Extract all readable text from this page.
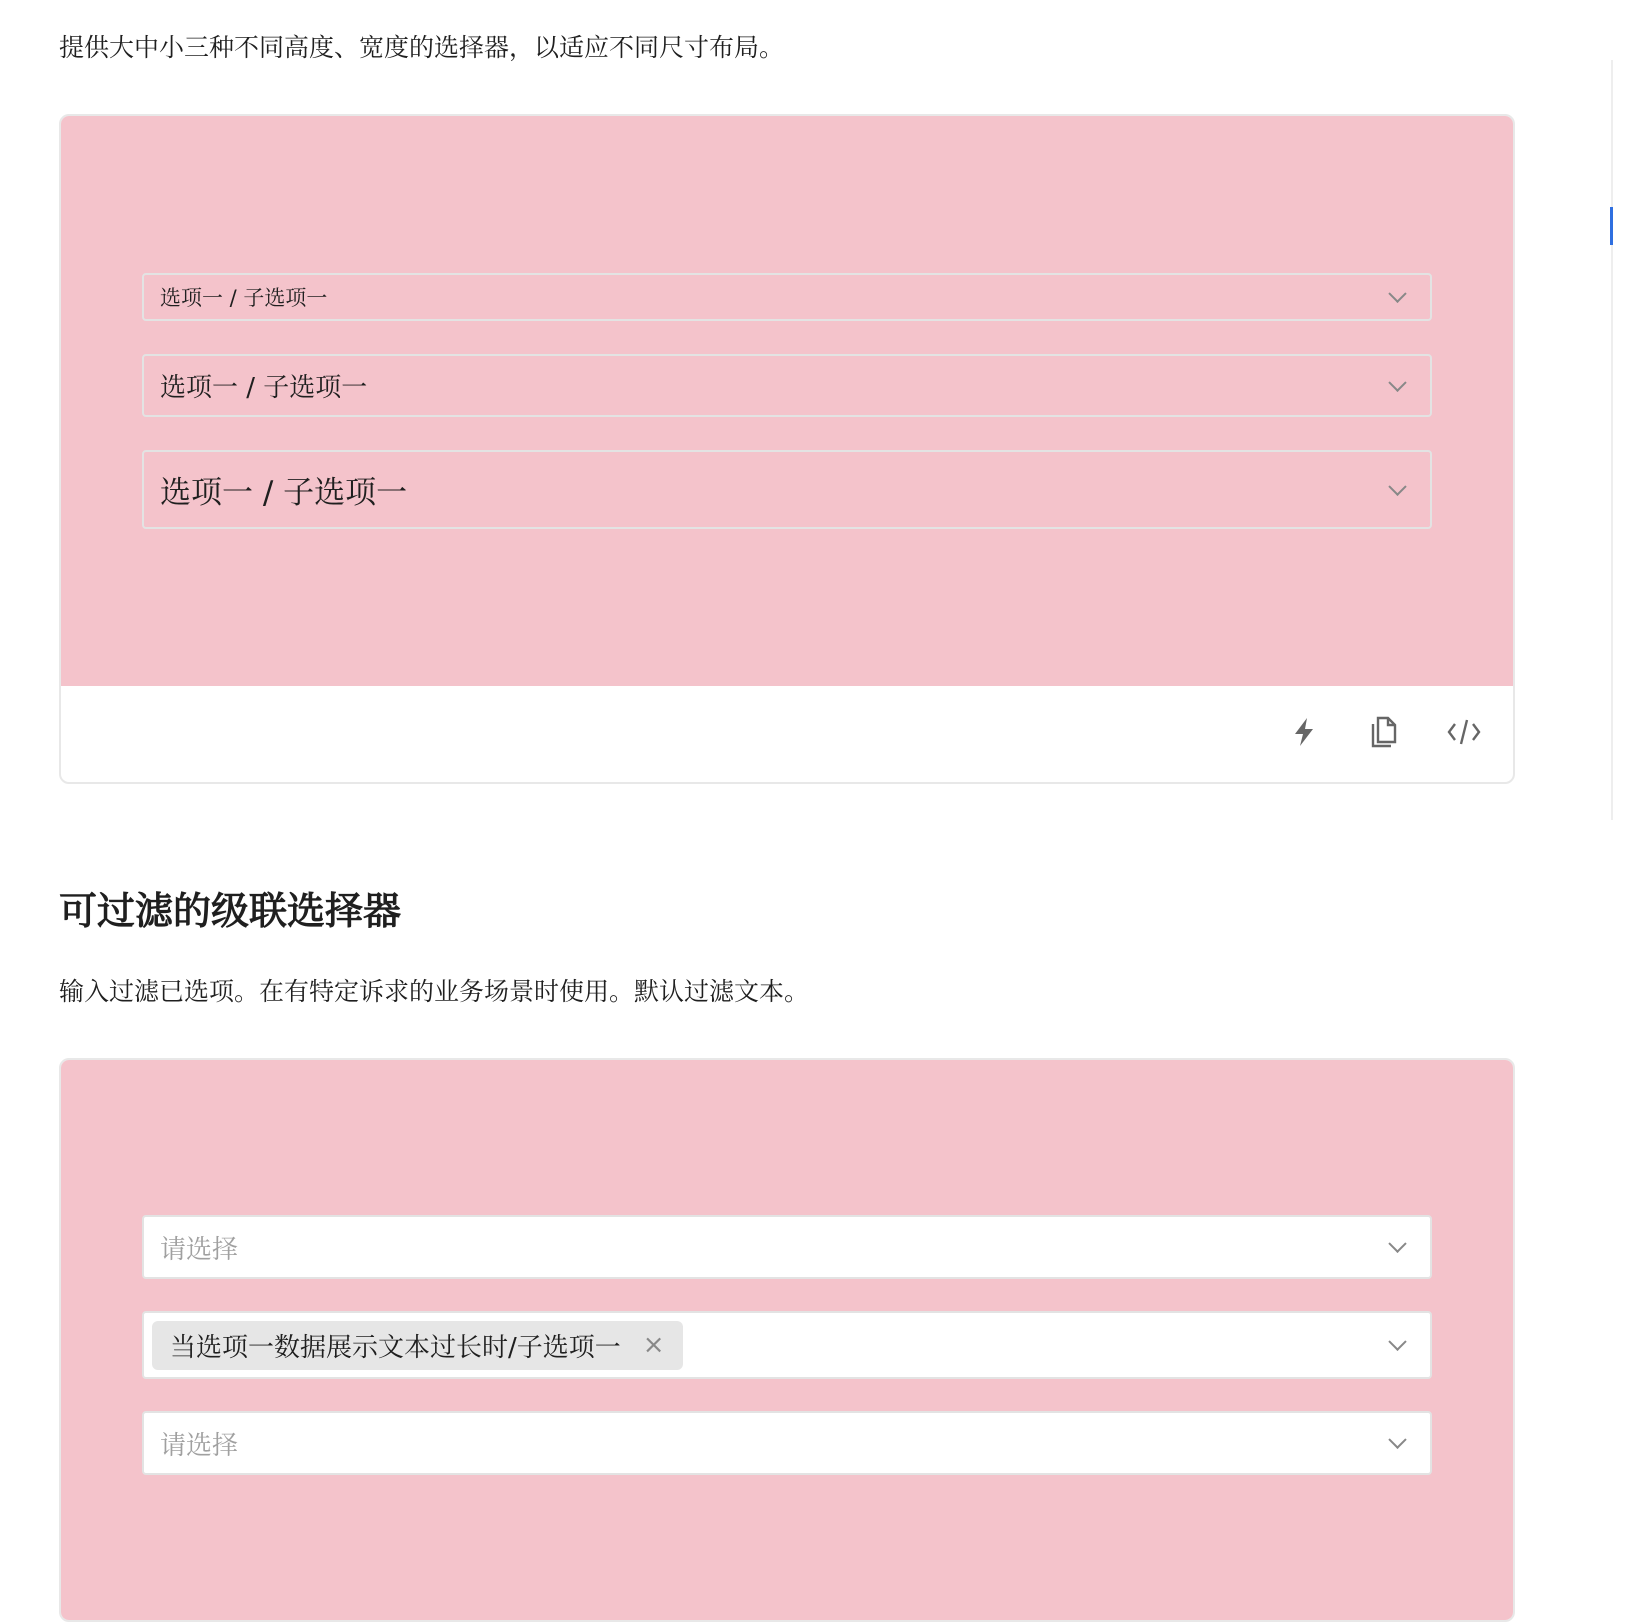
提供大中小三种不同高度、宽度的选择器，以适应不同尺寸布局。

选项一 / 子选项一
选项一 / 子选项一
选项一 / 子选项一
可过滤的级联选择器

输入过滤已选项。在有特定诉求的业务场景时使用。默认过滤文本。

请选择
当选项一数据展示文本过长时/子选项一 ×
请选择
